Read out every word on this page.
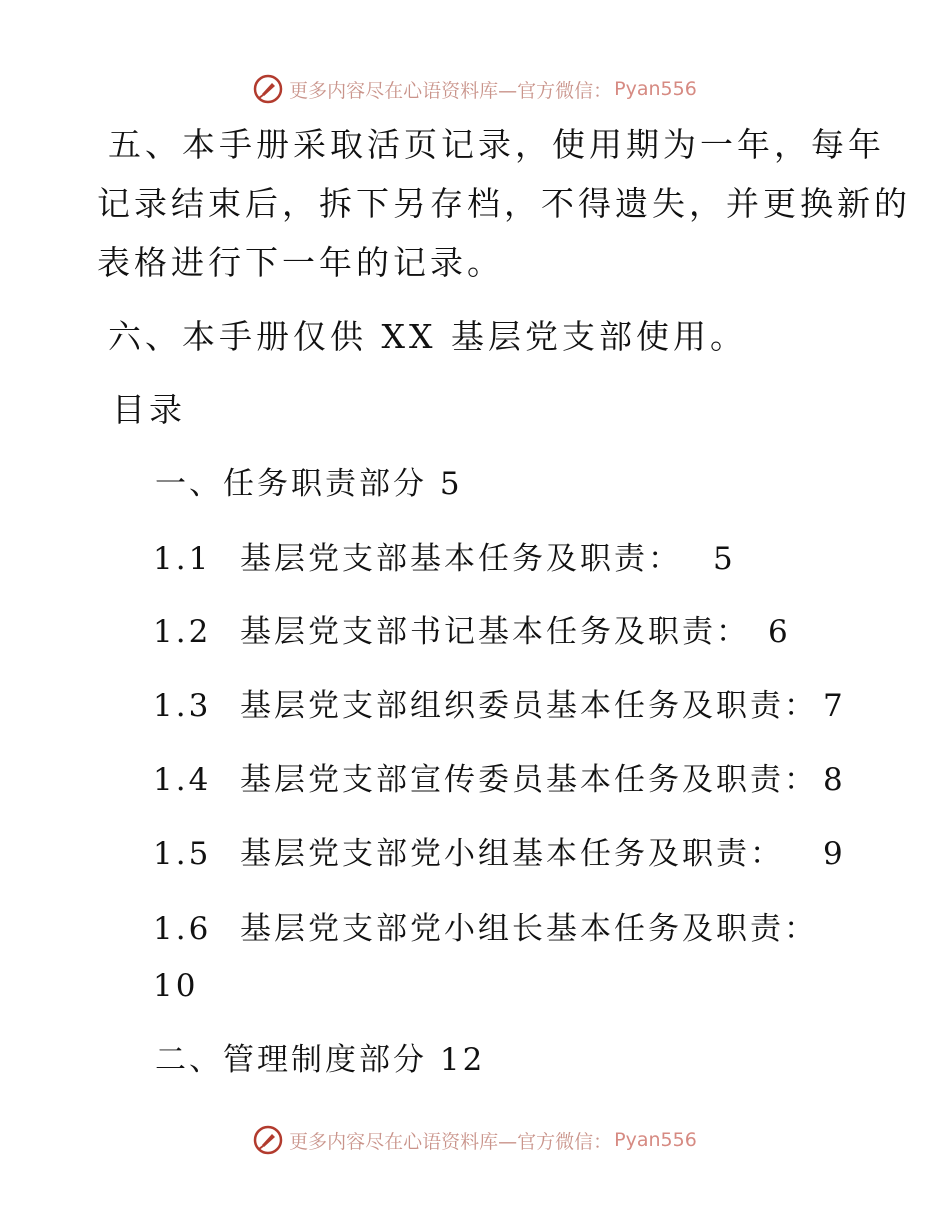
更多内容尽在心语资料库—官方微信： Pyan556
五、本手册采取活页记录，使用期为一年，每年
记录结束后，拆下另存档，不得遗失，并更换新的
表格进行下一年的记录。
六、本手册仅供 XX 基层党支部使用。
目录
一、任务职责部分 5
1.1 基层党支部基本任务及职责： 5
1.2 基层党支部书记基本任务及职责： 6
1.3 基层党支部组织委员基本任务及职责： 7
1.4 基层党支部宣传委员基本任务及职责： 8
1.5 基层党支部党小组基本任务及职责： 9
1.6 基层党支部党小组长基本任务及职责：
10
二、管理制度部分 12
更多内容尽在心语资料库—官方微信： Pyan556
